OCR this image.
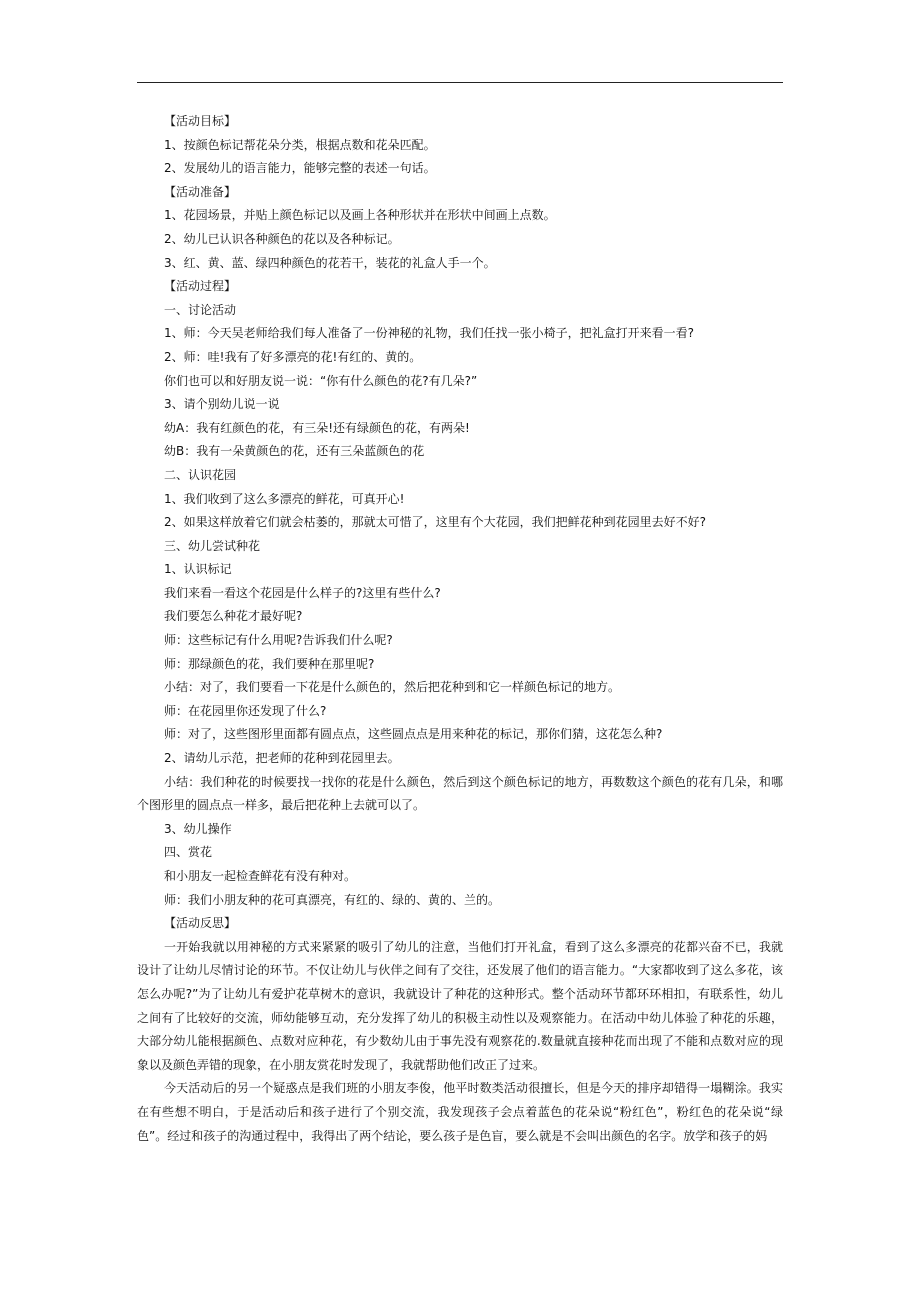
【活动目标】
1、按颜色标记帮花朵分类，根据点数和花朵匹配。
2、发展幼儿的语言能力，能够完整的表述一句话。
【活动准备】
1、花园场景，并贴上颜色标记以及画上各种形状并在形状中间画上点数。
2、幼儿已认识各种颜色的花以及各种标记。
3、红、黄、蓝、绿四种颜色的花若干，装花的礼盒人手一个。
【活动过程】
一、讨论活动
1、师：今天吴老师给我们每人准备了一份神秘的礼物，我们任找一张小椅子，把礼盒打开来看一看?
2、师：哇!我有了好多漂亮的花!有红的、黄的。
你们也可以和好朋友说一说：“你有什么颜色的花?有几朵?”
3、请个别幼儿说一说
幼A：我有红颜色的花，有三朵!还有绿颜色的花，有两朵!
幼B：我有一朵黄颜色的花，还有三朵蓝颜色的花
二、认识花园
1、我们收到了这么多漂亮的鲜花，可真开心!
2、如果这样放着它们就会枯萎的，那就太可惜了，这里有个大花园，我们把鲜花种到花园里去好不好?
三、幼儿尝试种花
1、认识标记
我们来看一看这个花园是什么样子的?这里有些什么?
我们要怎么种花才最好呢?
师：这些标记有什么用呢?告诉我们什么呢?
师：那绿颜色的花，我们要种在那里呢?
小结：对了，我们要看一下花是什么颜色的，然后把花种到和它一样颜色标记的地方。
师：在花园里你还发现了什么?
师：对了，这些图形里面都有圆点点，这些圆点点是用来种花的标记，那你们猜，这花怎么种?
2、请幼儿示范，把老师的花种到花园里去。

小结：我们种花的时候要找一找你的花是什么颜色，然后到这个颜色标记的地方，再数数这个颜色的花有几朵，和哪个图形里的圆点点一样多，最后把花种上去就可以了。

3、幼儿操作
四、赏花
和小朋友一起检查鲜花有没有种对。
师：我们小朋友种的花可真漂亮，有红的、绿的、黄的、兰的。
【活动反思】

一开始我就以用神秘的方式来紧紧的吸引了幼儿的注意，当他们打开礼盒，看到了这么多漂亮的花都兴奋不已，我就设计了让幼儿尽情讨论的环节。不仅让幼儿与伙伴之间有了交往，还发展了他们的语言能力。“大家都收到了这么多花，该怎么办呢?”为了让幼儿有爱护花草树木的意识，我就设计了种花的这种形式。整个活动环节都环环相扣，有联系性，幼儿之间有了比较好的交流，师幼能够互动，充分发挥了幼儿的积极主动性以及观察能力。在活动中幼儿体验了种花的乐趣，大部分幼儿能根据颜色、点数对应种花，有少数幼儿由于事先没有观察花的.数量就直接种花而出现了不能和点数对应的现象以及颜色弄错的现象，在小朋友赏花时发现了，我就帮助他们改正了过来。

今天活动后的另一个疑惑点是我们班的小朋友李俊，他平时数类活动很擅长，但是今天的排序却错得一塌糊涂。我实在有些想不明白，于是活动后和孩子进行了个别交流，我发现孩子会点着蓝色的花朵说“粉红色”，粉红色的花朵说“绿色”。经过和孩子的沟通过程中，我得出了两个结论，要么孩子是色盲，要么就是不会叫出颜色的名字。放学和孩子的妈
